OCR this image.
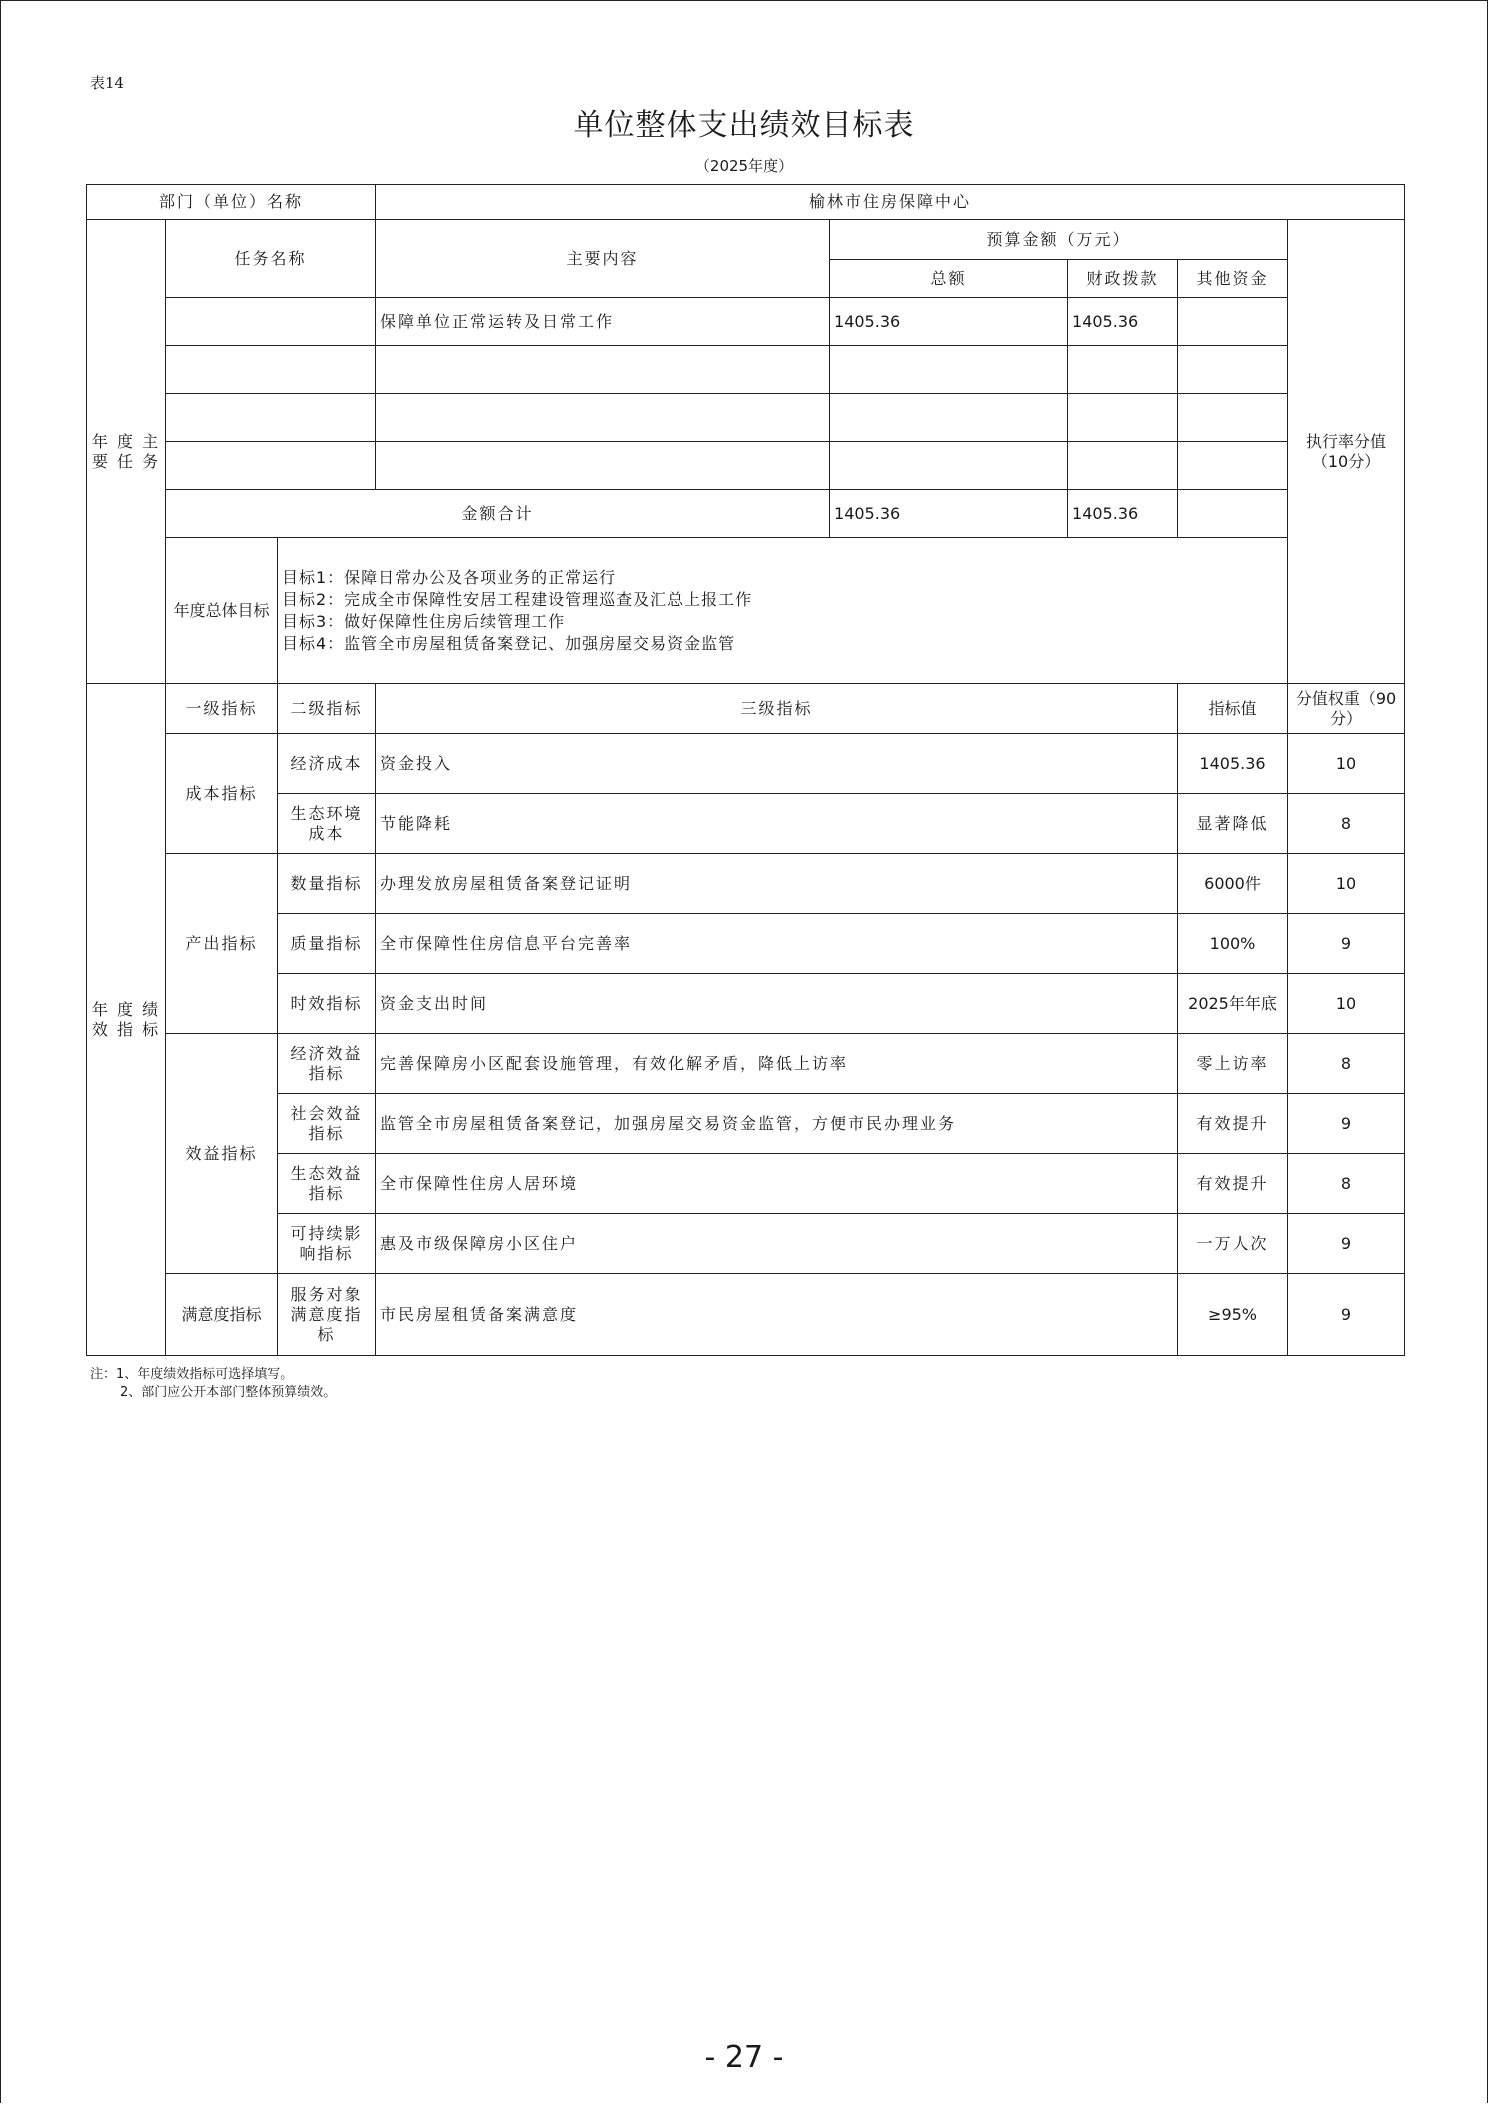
表14
单位整体支出绩效目标表
（2025年度）
部门（单位）名称			榆林市住房保障中心				
年 度 主 要 任 务	任务名称		主要内容	预算金额（万元）			执行率分值（10分）
				总额	财政拨款	其他资金	
			保障单位正常运转及日常工作	1405.36	1405.36		

	金额合计			1405.36	1405.36		
	年度总体目标	目标1：保障日常办公及各项业务的正常运行
目标2：完成全市保障性安居工程建设管理巡查及汇总上报工作
目标3：做好保障性住房后续管理工作
目标4：监管全市房屋租赁备案登记、加强房屋交易资金监管					

年 度 绩 效 指 标	一级指标	二级指标	三级指标			指标值	分值权重（90分）
	成本指标	经济成本	资金投入			1405.36	10
		生态环境成本	节能降耗			显著降低	8
	产出指标	数量指标	办理发放房屋租赁备案登记证明			6000件	10
		质量指标	全市保障性住房信息平台完善率			100%	9
		时效指标	资金支出时间			2025年年底	10
	效益指标	经济效益指标	完善保障房小区配套设施管理，有效化解矛盾，降低上访率			零上访率	8
		社会效益指标	监管全市房屋租赁备案登记，加强房屋交易资金监管，方便市民办理业务			有效提升	9
		生态效益指标	全市保障性住房人居环境			有效提升	8
		可持续影响指标	惠及市级保障房小区住户			一万人次	9
	满意度指标	服务对象满意度指标	市民房屋租赁备案满意度			≥95%	9
注：1、年度绩效指标可选择填写。
2、部门应公开本部门整体预算绩效。
- 27 -
